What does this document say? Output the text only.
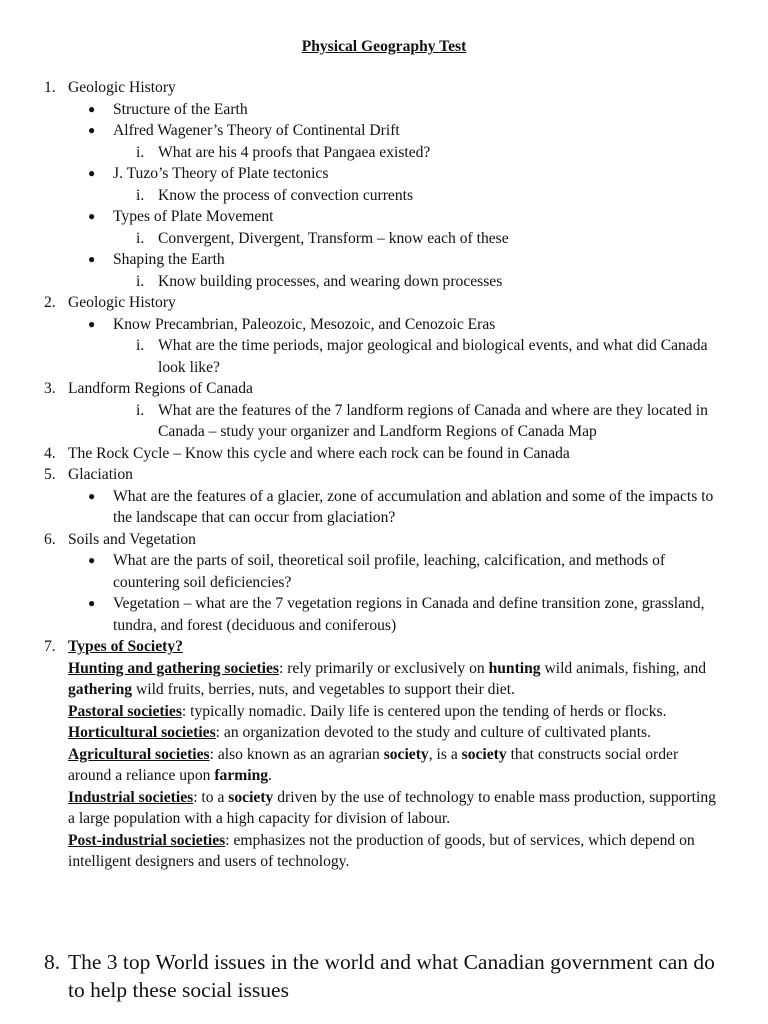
Physical Geography Test
1. Geologic History
●	Structure of the Earth
●	Alfred Wagener’s Theory of Continental Drift
i. What are his 4 proofs that Pangaea existed?
●	J. Tuzo’s Theory of Plate tectonics
i. Know the process of convection currents
●	Types of Plate Movement
i. Convergent, Divergent, Transform – know each of these
●	Shaping the Earth
i. Know building processes, and wearing down processes
2. Geologic History
●	Know Precambrian, Paleozoic, Mesozoic, and Cenozoic Eras
i. What are the time periods, major geological and biological events, and what did Canada look like?
3. Landform Regions of Canada
i. What are the features of the 7 landform regions of Canada and where are they located in Canada – study your organizer and Landform Regions of Canada Map
4. The Rock Cycle – Know this cycle and where each rock can be found in Canada
5. Glaciation
●	What are the features of a glacier, zone of accumulation and ablation and some of the impacts to the landscape that can occur from glaciation?
6. Soils and Vegetation
●	What are the parts of soil, theoretical soil profile, leaching, calcification, and methods of countering soil deficiencies?
●	Vegetation – what are the 7 vegetation regions in Canada and define transition zone, grassland, tundra, and forest (deciduous and coniferous)
7. Types of Society?
Hunting and gathering societies: rely primarily or exclusively on hunting wild animals, fishing, and gathering wild fruits, berries, nuts, and vegetables to support their diet.
Pastoral societies: typically nomadic. Daily life is centered upon the tending of herds or flocks.
Horticultural societies: an organization devoted to the study and culture of cultivated plants.
Agricultural societies: also known as an agrarian society, is a society that constructs social order around a reliance upon farming.
Industrial societies: to a society driven by the use of technology to enable mass production, supporting a large population with a high capacity for division of labour.
Post-industrial societies: emphasizes not the production of goods, but of services, which depend on intelligent designers and users of technology.
8. The 3 top World issues in the world and what Canadian government can do to help these social issues
